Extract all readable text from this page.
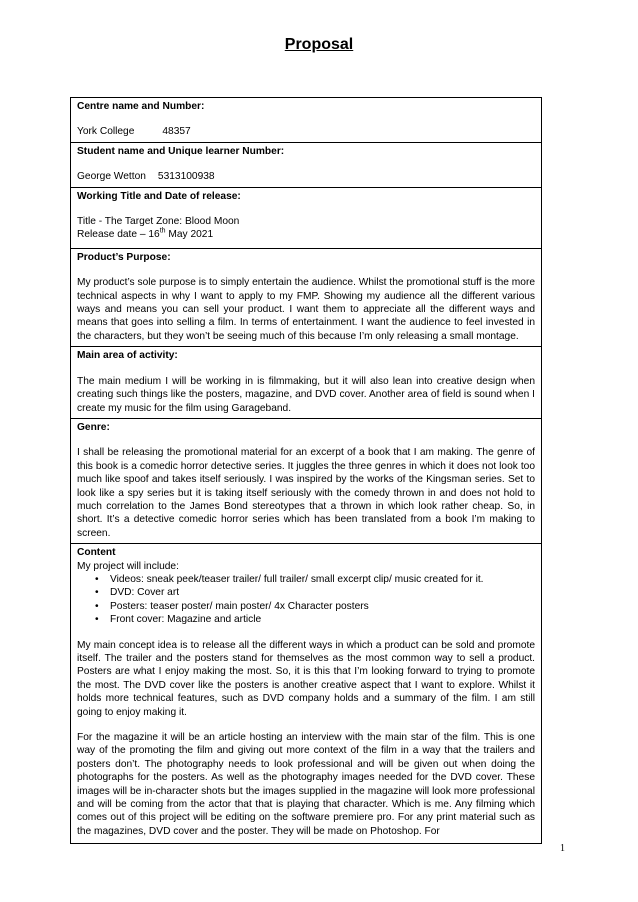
Proposal

Centre name and Number:

York College	48357

Student name and Unique learner Number:

George Wetton 5313100938

Working Title and Date of release:

Title - The Target Zone: Blood Moon

Release date – 16th May 2021

Product’s Purpose:

My product’s sole purpose is to simply entertain the audience. Whilst the promotional stuff is the more technical aspects in why I want to apply to my FMP. Showing my audience all the different various ways and means you can sell your product. I want them to appreciate all the different ways and means that goes into selling a film. In terms of entertainment. I want the audience to feel invested in the characters, but they won’t be seeing much of this because I’m only releasing a small montage.

Main area of activity:

The main medium I will be working in is filmmaking, but it will also lean into creative design when creating such things like the posters, magazine, and DVD cover. Another area of field is sound when I create my music for the film using Garageband.

Genre:

I shall be releasing the promotional material for an excerpt of a book that I am making. The genre of this book is a comedic horror detective series. It juggles the three genres in which it does not look too much like spoof and takes itself seriously. I was inspired by the works of the Kingsman series. Set to look like a spy series but it is taking itself seriously with the comedy thrown in and does not hold to much correlation to the James Bond stereotypes that a thrown in which look rather cheap. So, in short. It’s a detective comedic horror series which has been translated from a book I’m making to screen.

Content

My project will include:

• Videos: sneak peek/teaser trailer/ full trailer/ small excerpt clip/ music created for it.
• DVD: Cover art
• Posters: teaser poster/ main poster/ 4x Character posters
• Front cover: Magazine and article

My main concept idea is to release all the different ways in which a product can be sold and promote itself. The trailer and the posters stand for themselves as the most common way to sell a product. Posters are what I enjoy making the most. So, it is this that I’m looking forward to trying to promote the most. The DVD cover like the posters is another creative aspect that I want to explore. Whilst it holds more technical features, such as DVD company holds and a summary of the film. I am still going to enjoy making it.

For the magazine it will be an article hosting an interview with the main star of the film. This is one way of the promoting the film and giving out more context of the film in a way that the trailers and posters don’t. The photography needs to look professional and will be given out when doing the photographs for the posters. As well as the photography images needed for the DVD cover. These images will be in-character shots but the images supplied in the magazine will look more professional and will be coming from the actor that that is playing that character. Which is me. Any filming which comes out of this project will be editing on the software premiere pro. For any print material such as the magazines, DVD cover and the poster. They will be made on Photoshop. For

1
